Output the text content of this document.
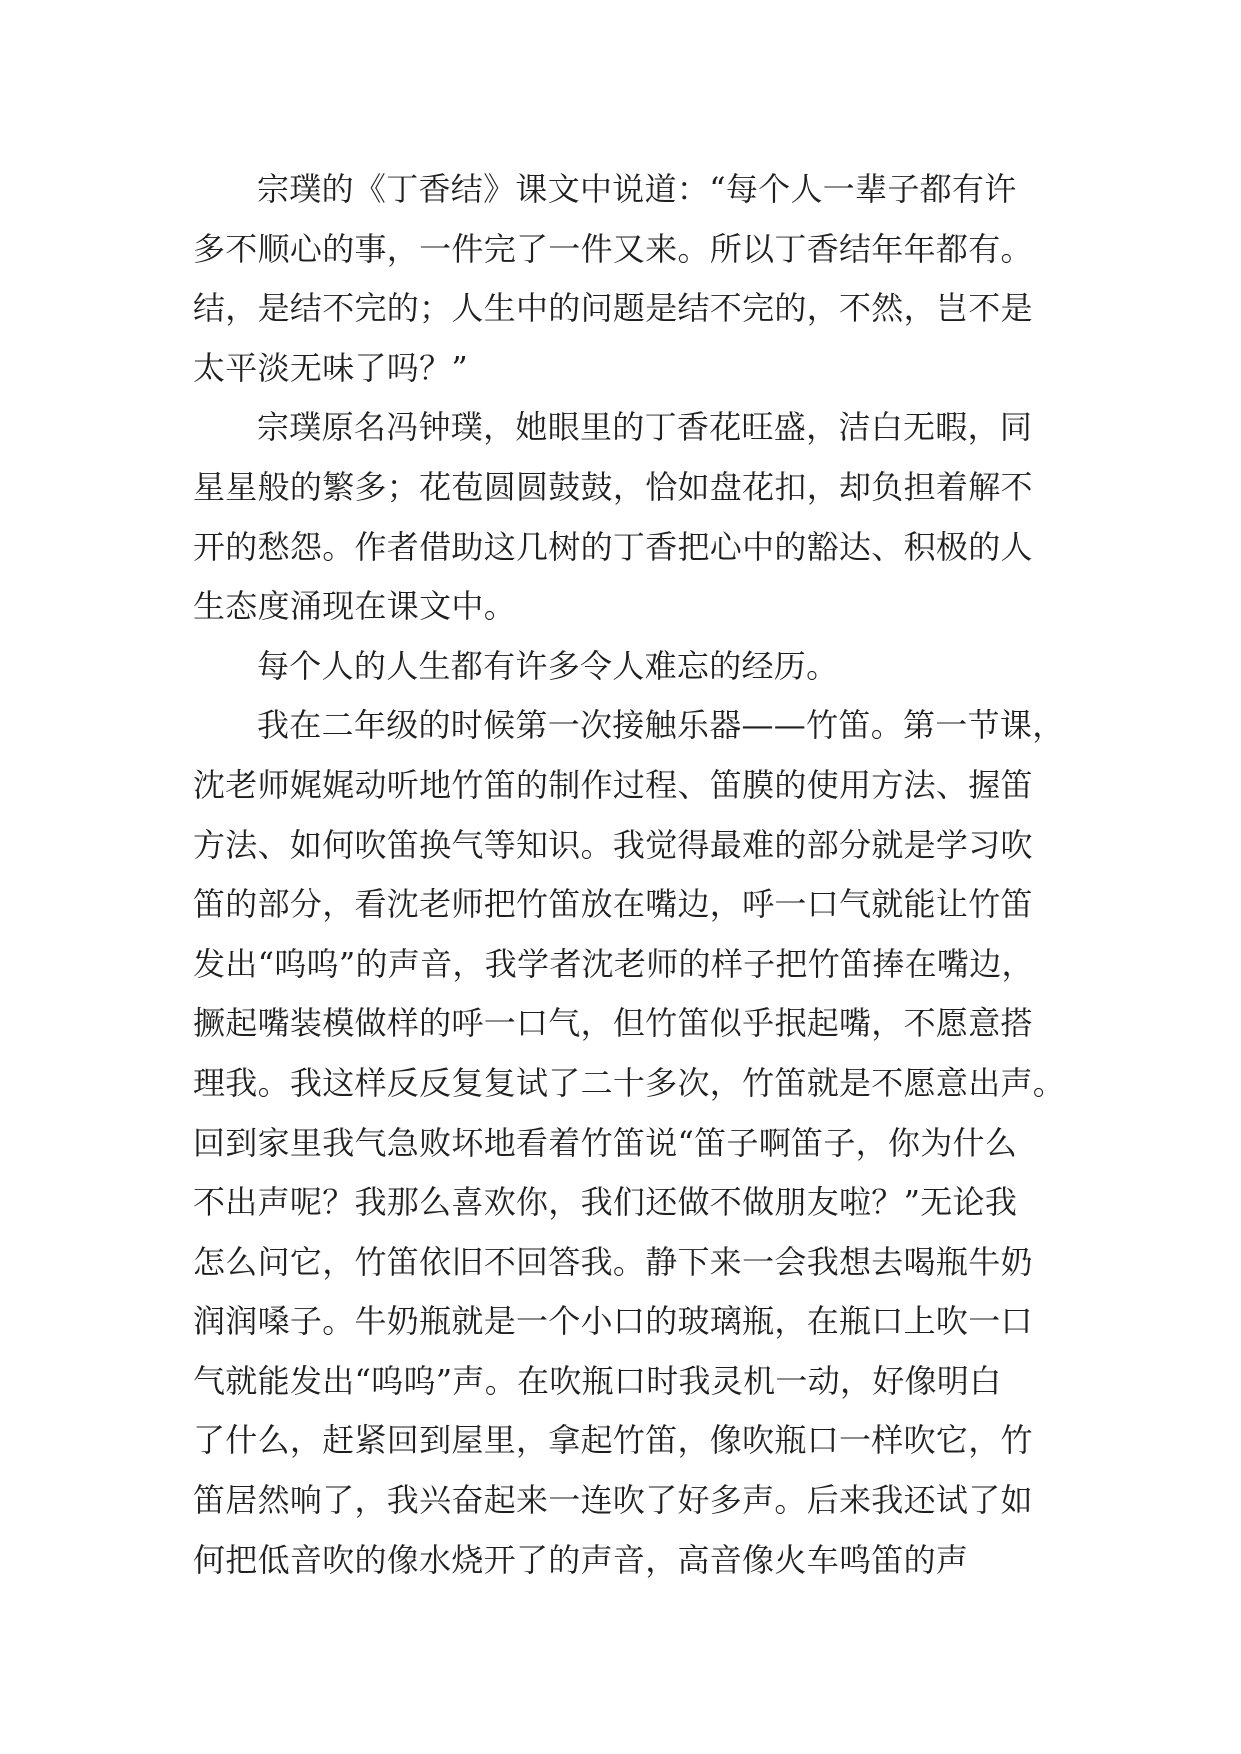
宗璞的《丁香结》课文中说道：“每个人一辈子都有许
多不顺心的事，一件完了一件又来。所以丁香结年年都有。
结，是结不完的；人生中的问题是结不完的，不然，岂不是
太平淡无味了吗？”
宗璞原名冯钟璞，她眼里的丁香花旺盛，洁白无暇，同
星星般的繁多；花苞圆圆鼓鼓，恰如盘花扣，却负担着解不
开的愁怨。作者借助这几树的丁香把心中的豁达、积极的人
生态度涌现在课文中。
每个人的人生都有许多令人难忘的经历。
我在二年级的时候第一次接触乐器——竹笛。第一节课，
沈老师娓娓动听地竹笛的制作过程、笛膜的使用方法、握笛
方法、如何吹笛换气等知识。我觉得最难的部分就是学习吹
笛的部分，看沈老师把竹笛放在嘴边，呼一口气就能让竹笛
发出“呜呜”的声音，我学者沈老师的样子把竹笛捧在嘴边，
撅起嘴装模做样的呼一口气，但竹笛似乎抿起嘴，不愿意搭
理我。我这样反反复复试了二十多次，竹笛就是不愿意出声。
回到家里我气急败坏地看着竹笛说“笛子啊笛子，你为什么
不出声呢？我那么喜欢你，我们还做不做朋友啦？”无论我
怎么问它，竹笛依旧不回答我。静下来一会我想去喝瓶牛奶
润润嗓子。牛奶瓶就是一个小口的玻璃瓶，在瓶口上吹一口
气就能发出“呜呜”声。在吹瓶口时我灵机一动，好像明白
了什么，赶紧回到屋里，拿起竹笛，像吹瓶口一样吹它，竹
笛居然响了，我兴奋起来一连吹了好多声。后来我还试了如
何把低音吹的像水烧开了的声音，高音像火车鸣笛的声
